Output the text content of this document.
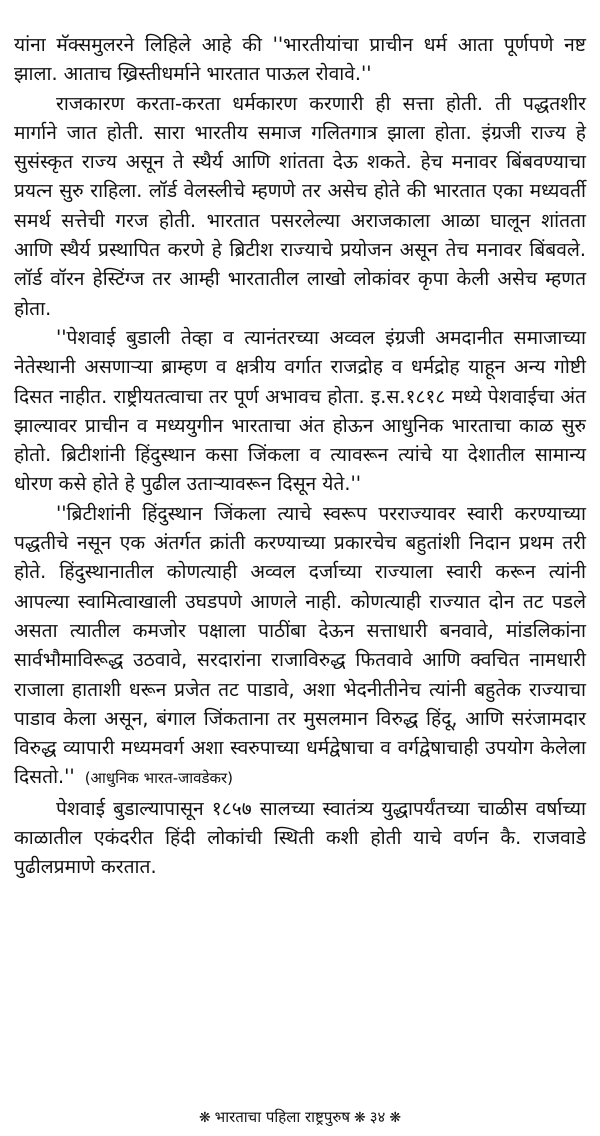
यांना मॅक्समुलरने लिहिले आहे की ''भारतीयांचा प्राचीन धर्म आता पूर्णपणे नष्ट झाला. आताच ख्रिस्तीधर्माने भारतात पाऊल रोवावे.''

राजकारण करता-करता धर्मकारण करणारी ही सत्ता होती. ती पद्धतशीर मार्गाने जात होती. सारा भारतीय समाज गलितगात्र झाला होता. इंग्रजी राज्य हे सुसंस्कृत राज्य असून ते स्थैर्य आणि शांतता देऊ शकते. हेच मनावर बिंबवण्याचा प्रयत्न सुरु राहिला. लॉर्ड वेलस्लीचे म्हणणे तर असेच होते की भारतात एका मध्यवर्ती समर्थ सत्तेची गरज होती. भारतात पसरलेल्या अराजकाला आळा घालून शांतता आणि स्थैर्य प्रस्थापित करणे हे ब्रिटीश राज्याचे प्रयोजन असून तेच मनावर बिंबवले. लॉर्ड वॉरन हेस्टिंग्ज तर आम्ही भारतातील लाखो लोकांवर कृपा केली असेच म्हणत होता.

''पेशवाई बुडाली तेव्हा व त्यानंतरच्या अव्वल इंग्रजी अमदानीत समाजाच्या नेतेस्थानी असणाऱ्या ब्राम्हण व क्षत्रीय वर्गात राजद्रोह व धर्मद्रोह याहून अन्य गोष्टी दिसत नाहीत. राष्ट्रीयतत्वाचा तर पूर्ण अभावच होता. इ.स.१८१८ मध्ये पेशवाईचा अंत झाल्यावर प्राचीन व मध्ययुगीन भारताचा अंत होऊन आधुनिक भारताचा काळ सुरु होतो. ब्रिटीशांनी हिंदुस्थान कसा जिंकला व त्यावरून त्यांचे या देशातील सामान्य धोरण कसे होते हे पुढील उताऱ्यावरून दिसून येते.''

''ब्रिटीशांनी हिंदुस्थान जिंकला त्याचे स्वरूप परराज्यावर स्वारी करण्याच्या पद्धतीचे नसून एक अंतर्गत क्रांती करण्याच्या प्रकारचेच बहुतांशी निदान प्रथम तरी होते. हिंदुस्थानातील कोणत्याही अव्वल दर्जाच्या राज्याला स्वारी करून त्यांनी आपल्या स्वामित्वाखाली उघडपणे आणले नाही. कोणत्याही राज्यात दोन तट पडले असता त्यातील कमजोर पक्षाला पाठींबा देऊन सत्ताधारी बनवावे, मांडलिकांना सार्वभौमाविरूद्ध उठवावे, सरदारांना राजाविरुद्ध फितवावे आणि क्वचित नामधारी राजाला हाताशी धरून प्रजेत तट पाडावे, अशा भेदनीतीनेच त्यांनी बहुतेक राज्याचा पाडाव केला असून, बंगाल जिंकताना तर मुसलमान विरुद्ध हिंदू, आणि सरंजामदार विरुद्ध व्यापारी मध्यमवर्ग अशा स्वरुपाच्या धर्मद्वेषाचा व वर्गद्वेषाचाही उपयोग केलेला दिसतो.'' (आधुनिक भारत-जावडेकर)

पेशवाई बुडाल्यापासून १८५७ सालच्या स्वातंत्र्य युद्धापर्यंतच्या चाळीस वर्षाच्या काळातील एकंदरीत हिंदी लोकांची स्थिती कशी होती याचे वर्णन कै. राजवाडे पुढीलप्रमाणे करतात.

❋ भारताचा पहिला राष्ट्रपुरुष ❋ ३४ ❋
